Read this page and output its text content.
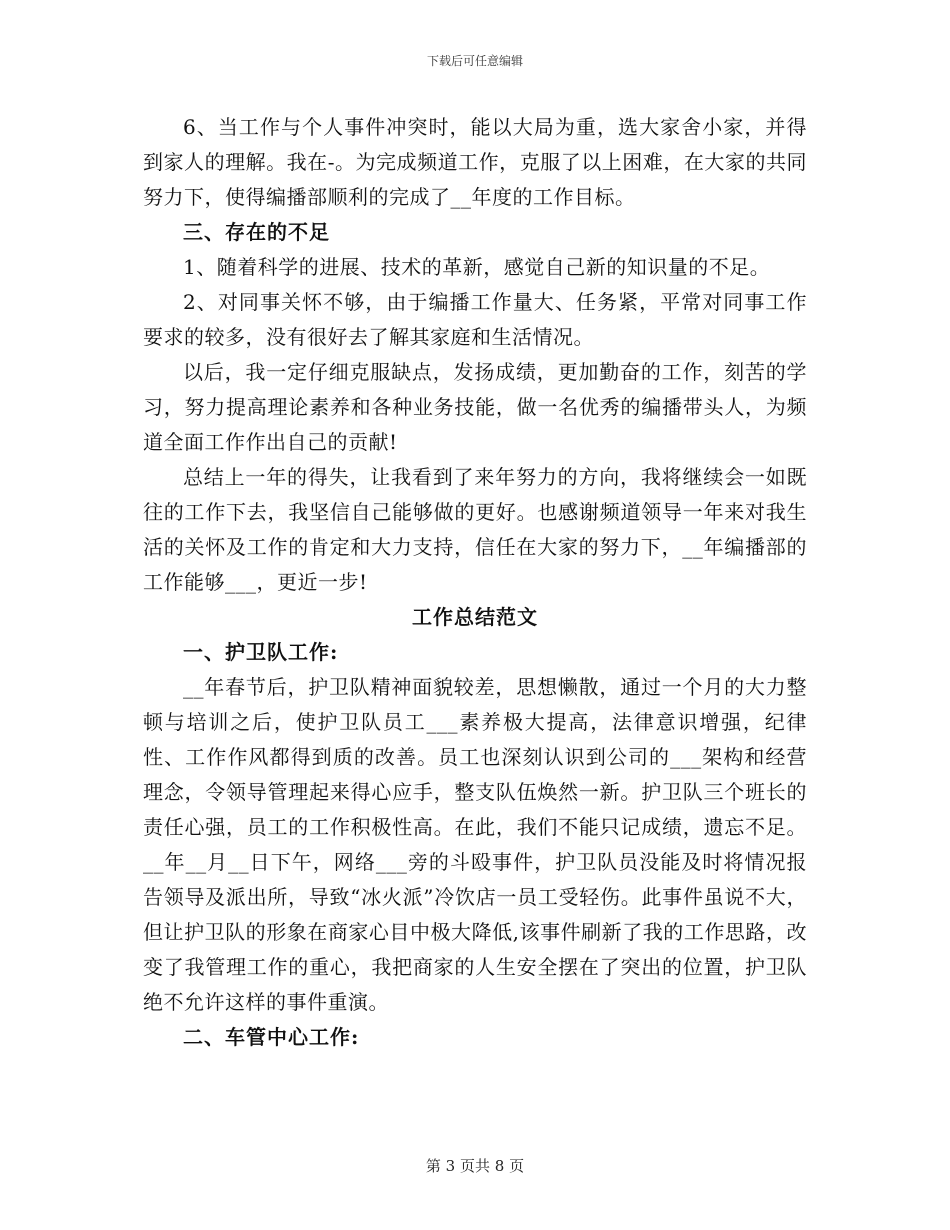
下载后可任意编辑

6、当工作与个人事件冲突时，能以大局为重，选大家舍小家，并得到家人的理解。我在-。为完成频道工作，克服了以上困难，在大家的共同努力下，使得编播部顺利的完成了__年度的工作目标。

三、存在的不足

1、随着科学的进展、技术的革新，感觉自己新的知识量的不足。

2、对同事关怀不够，由于编播工作量大、任务紧，平常对同事工作要求的较多，没有很好去了解其家庭和生活情况。

以后，我一定仔细克服缺点，发扬成绩，更加勤奋的工作，刻苦的学习，努力提高理论素养和各种业务技能，做一名优秀的编播带头人，为频道全面工作作出自己的贡献!

总结上一年的得失，让我看到了来年努力的方向，我将继续会一如既往的工作下去，我坚信自己能够做的更好。也感谢频道领导一年来对我生活的关怀及工作的肯定和大力支持，信任在大家的努力下，__年编播部的工作能够___，更近一步!

工作总结范文

一、护卫队工作:

__年春节后，护卫队精神面貌较差，思想懒散，通过一个月的大力整顿与培训之后，使护卫队员工___素养极大提高，法律意识增强，纪律性、工作作风都得到质的改善。员工也深刻认识到公司的___架构和经营理念，令领导管理起来得心应手，整支队伍焕然一新。护卫队三个班长的责任心强，员工的工作积极性高。在此，我们不能只记成绩，遗忘不足。__年__月__日下午，网络___旁的斗殴事件，护卫队员没能及时将情况报告领导及派出所，导致“冰火派”冷饮店一员工受轻伤。此事件虽说不大，但让护卫队的形象在商家心目中极大降低,该事件刷新了我的工作思路，改变了我管理工作的重心，我把商家的人生安全摆在了突出的位置，护卫队绝不允许这样的事件重演。

二、车管中心工作:

第 3 页共 8 页
